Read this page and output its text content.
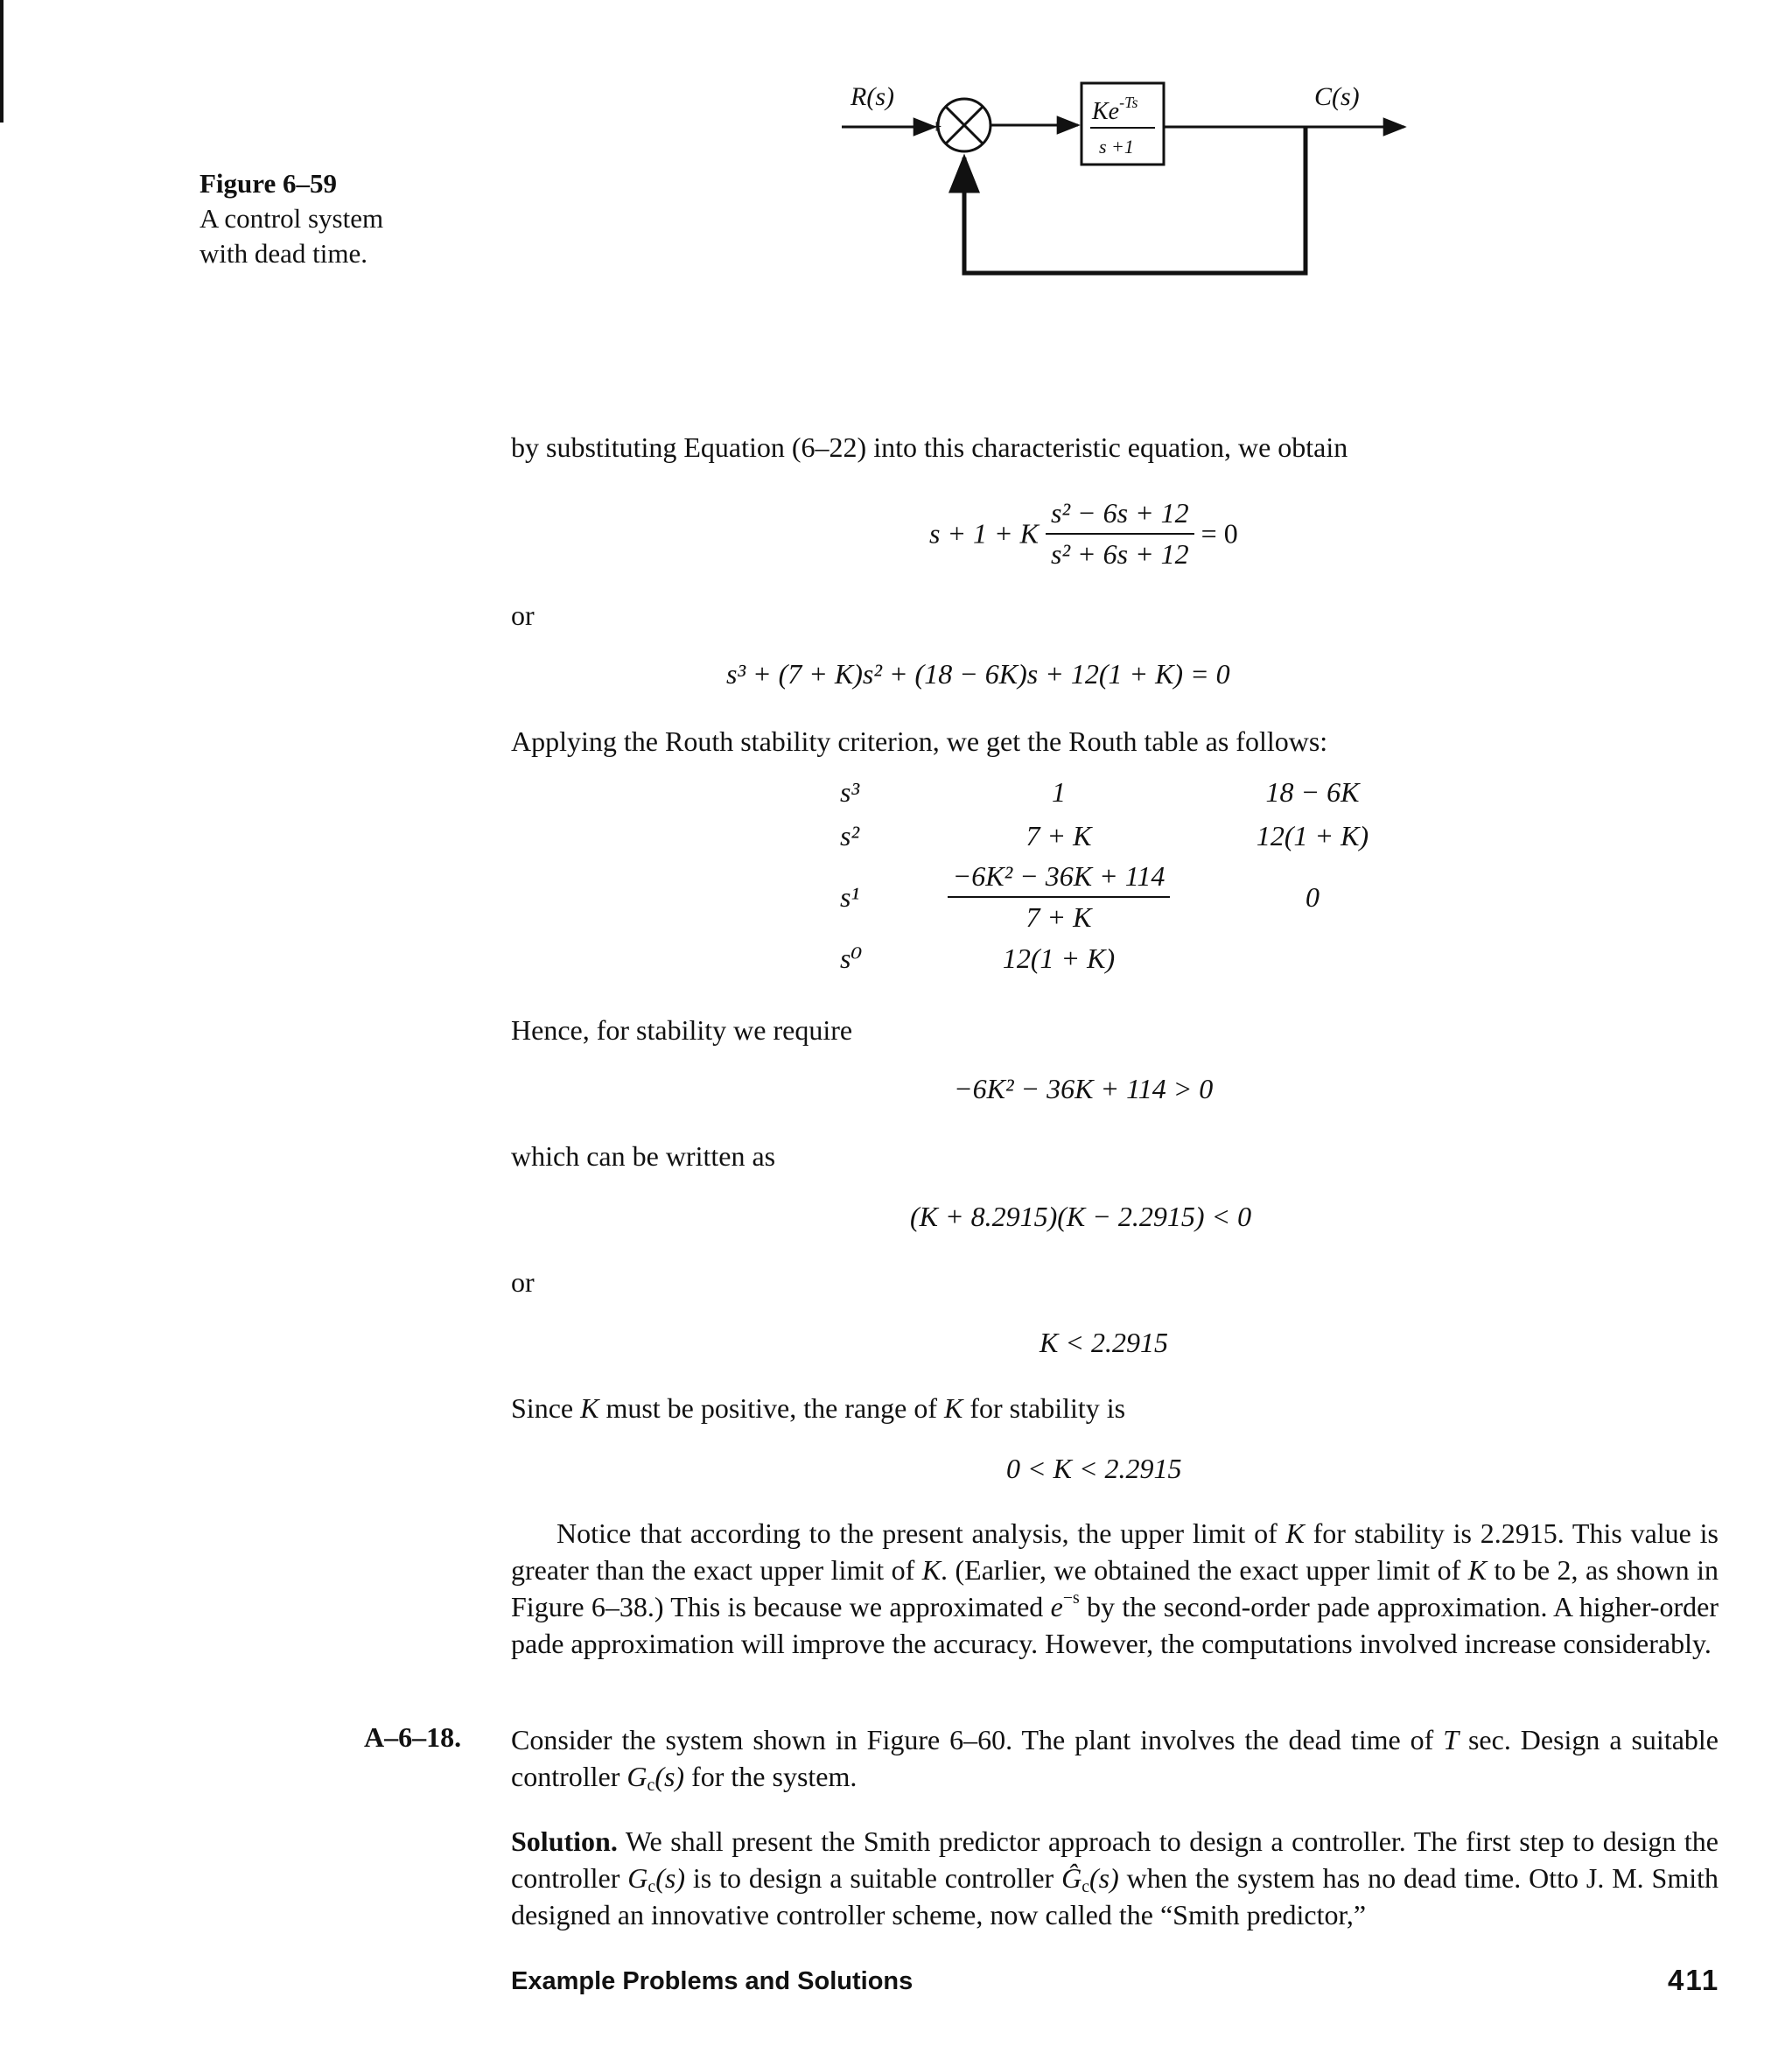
Figure 6–59
A control system
with dead time.
R(s)	C(s)
+
−
$Ke^{-Ts}$
s +1
by substituting Equation (6–22) into this characteristic equation, we obtain
s + 1 + K $\frac{\text{s² − 6s + 12}}{\text{s² + 6s + 12}} = 0$
or
s³ + (7 + K)s² + (18 − 6K)s + 12(1 + K) = 0
Applying the Routh stability criterion, we get the Routh table as follows:
s³	1	18 − 6K
s²	7 + K	12(1 + K)
s¹	$\frac{\text{−6K² − 36K + 114}}{7 + K}$	0
s⁰	12(1 + K)	
Hence, for stability we require
−6K² − 36K + 114 > 0
which can be written as
(K + 8.2915)(K − 2.2915) < 0
or
K < 2.2915
Since K must be positive, the range of K for stability is
0 < K < 2.2915
Notice that according to the present analysis, the upper limit of K for stability is 2.2915. This value is greater than the exact upper limit of K. (Earlier, we obtained the exact upper limit of K to be 2, as shown in Figure 6–38.) This is because we approximated $e^{-s}$ by the second-order pade approximation. A higher-order pade approximation will improve the accuracy. However, the computations involved increase considerably.
A–6–18. Consider the system shown in Figure 6–60. The plant involves the dead time of T sec. Design a suitable controller $G_c(s)$ for the system.
Solution. We shall present the Smith predictor approach to design a controller. The first step to design the controller $G_c(s)$ is to design a suitable controller $Ĝ_c(s)$ when the system has no dead time. Otto J. M. Smith designed an innovative controller scheme, now called the “Smith predictor,”
Example Problems and Solutions	411
